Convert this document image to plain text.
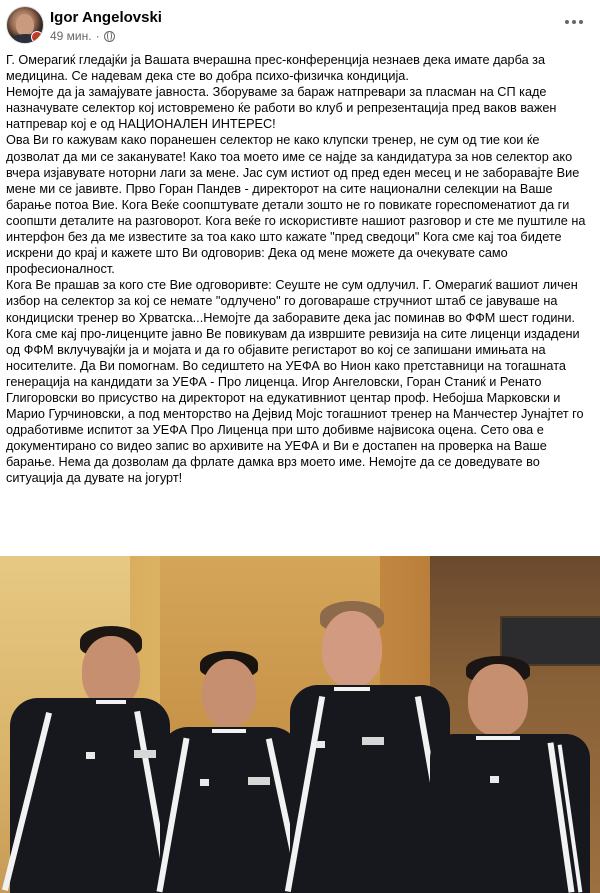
Igor Angelovski
49 мин. ·

Г. Омерагиќ гледајќи ја Вашата вчерашна прес-конференција незнаев дека имате дарба за медицина. Се надевам дека сте во добра психо-физичка кондиција.

Немојте да ја замајувате јавноста. Зборуваме за бараж натпревари за пласман на СП каде назначувате селектор кој истовремено ќе работи во клуб и репрезентација пред ваков важен натпревар кој е од НАЦИОНАЛЕН ИНТЕРЕС!

Ова Ви го кажувам како поранешен селектор не како клупски тренер, не сум од тие кои ќе дозволат да ми се заканувате! Како тоа моето име се најде за кандидатура за нов селектор ако вчера изјавувате ноторни лаги за мене. Јас сум истиот од пред еден месец и не заборавајте Вие мене ми се јавивте. Прво Горан Пандев - директорот на сите национални селекции на Ваше барање потоа Вие. Кога Веќе соопштувате детали зошто не го повикате гореспоменатиот да ги соопшти деталите на разговорот. Кога веќе го искористивте нашиот разговор и сте ме пуштиле на интерфон без да ме известите за тоа како што кажате "пред сведоци" Кога сме кај тоа бидете искрени до крај и кажете што Ви одговорив: Дека од мене можете да очекувате само професионалност.

Кога Ве прашав за кого сте Вие одговоривте: Сеуште не сум одлучил. Г. Омерагиќ вашиот личен избор на селектор за кој се немате "одлучено" го договараше стручниот штаб се јавуваше на кондициски тренер во Хрватска...Немојте да заборавите дека јас поминав во ФФМ шест години.

Кога сме кај про-лиценците јавно Ве повикувам да извршите ревизија на сите лиценци издадени од ФФМ вклучувајќи ја и мојата и да го објавите регистарот во кој се запишани имињата на носителите. Да Ви помогнам. Во седиштето на УЕФА во Нион како претставници на тогашната генерација на кандидати за УЕФА - Про лиценца. Игор Ангеловски, Горан Станиќ и Ренато Глигоровски во присуство на директорот на едукативниот центар проф. Небојша Марковски и Марио Гурчиновски, а под менторство на Дејвид Мојс тогашниот тренер на Манчестер Јунајтет го одработивме испитот за УЕФА Про Лиценца при што добивме највисока оцена. Сето ова е документирано со видео запис во архивите на УЕФА и Ви е достапен на проверка на Ваше барање. Нема да дозволам да фрлате дамка врз моето име. Немојте да се доведувате во ситуација да дувате на јогурт!
